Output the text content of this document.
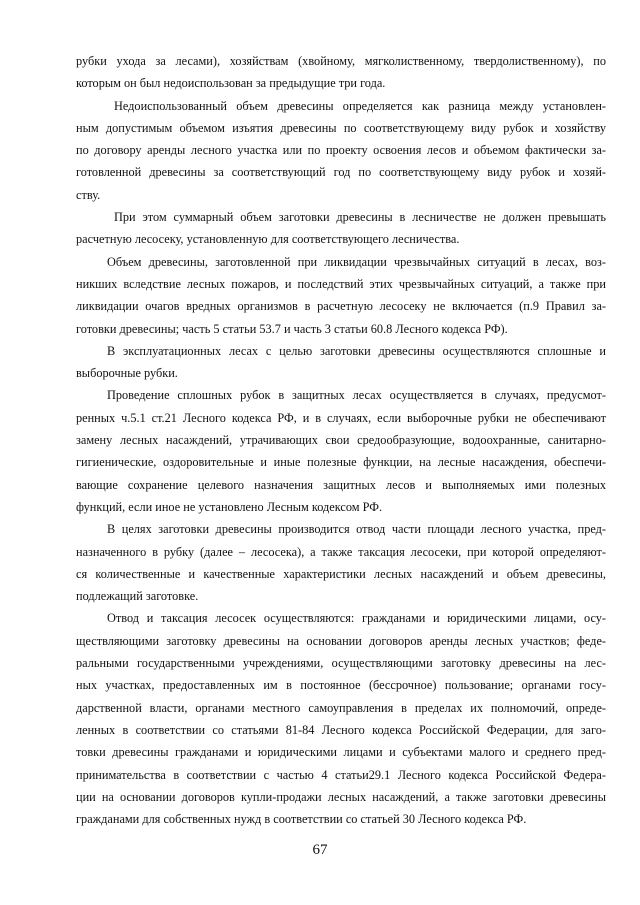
рубки ухода за лесами), хозяйствам (хвойному, мягколиственному, твердолиственному), по
которым он был недоиспользован за предыдущие три года.
Недоиспользованный объем древесины определяется как разница между установлен-
ным допустимым объемом изъятия древесины по соответствующему виду рубок и хозяйству
по договору аренды лесного участка или по проекту освоения лесов и объемом фактически за-
готовленной древесины за соответствующий год по соответствующему виду рубок и хозяй-
ству.
При этом суммарный объем заготовки древесины в лесничестве не должен превышать
расчетную лесосеку, установленную для соответствующего лесничества.
Объем древесины, заготовленной при ликвидации чрезвычайных ситуаций в лесах, воз-
никших вследствие лесных пожаров, и последствий этих чрезвычайных ситуаций, а также при
ликвидации очагов вредных организмов в расчетную лесосеку не включается (п.9 Правил за-
готовки древесины; часть 5 статьи 53.7 и часть 3 статьи 60.8 Лесного кодекса РФ).
В эксплуатационных лесах с целью заготовки древесины осуществляются сплошные и
выборочные рубки.
Проведение сплошных рубок в защитных лесах осуществляется в случаях, предусмот-
ренных ч.5.1 ст.21 Лесного кодекса РФ, и в случаях, если выборочные рубки не обеспечивают
замену лесных насаждений, утрачивающих свои средообразующие, водоохранные, санитарно-
гигиенические, оздоровительные и иные полезные функции, на лесные насаждения, обеспечи-
вающие сохранение целевого назначения защитных лесов и выполняемых ими полезных
функций, если иное не установлено Лесным кодексом РФ.
В целях заготовки древесины производится отвод части площади лесного участка, пред-
назначенного в рубку (далее – лесосека), а также таксация лесосеки, при которой определяют-
ся количественные и качественные характеристики лесных насаждений и объем древесины,
подлежащий заготовке.
Отвод и таксация лесосек осуществляются: гражданами и юридическими лицами, осу-
ществляющими заготовку древесины на основании договоров аренды лесных участков; феде-
ральными государственными учреждениями, осуществляющими заготовку древесины на лес-
ных участках, предоставленных им в постоянное (бессрочное) пользование; органами госу-
дарственной власти, органами местного самоуправления в пределах их полномочий, опреде-
ленных в соответствии со статьями 81-84 Лесного кодекса Российской Федерации, для заго-
товки древесины гражданами и юридическими лицами и субъектами малого и среднего пред-
принимательства в соответствии с частью 4 статьи29.1 Лесного кодекса Российской Федера-
ции на основании договоров купли-продажи лесных насаждений, а также заготовки древесины
гражданами для собственных нужд в соответствии со статьей 30 Лесного кодекса РФ.
67
